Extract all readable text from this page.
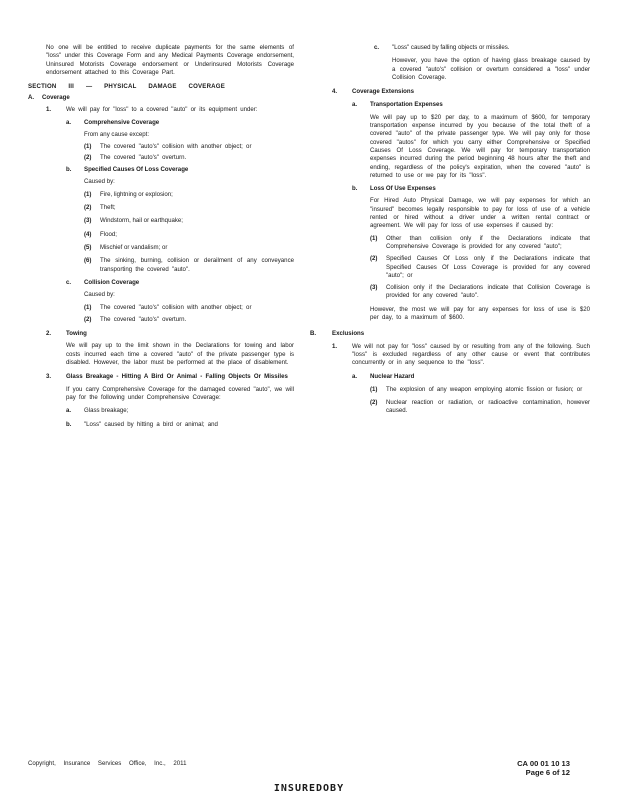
No one will be entitled to receive duplicate payments for the same elements of "loss" under this Coverage Form and any Medical Payments Coverage endorsement, Uninsured Motorists Coverage endorsement or Underinsured Motorists Coverage endorsement attached to this Coverage Part.

SECTION III — PHYSICAL DAMAGE COVERAGE

A.	Coverage
1.	We will pay for "loss" to a covered "auto" or its equipment under:

a.	Comprehensive Coverage

From any cause except:

(1)	The covered "auto's" collision with another object; or

(2)	The covered "auto's" overturn.

b.	Specified Causes Of Loss Coverage

Caused by:

(1)	Fire, lightning or explosion;

(2)	Theft;

(3)	Windstorm, hail or earthquake;

(4)	Flood;

(5)	Mischief or vandalism; or

(6)	The sinking, burning, collision or derailment of any conveyance transporting the covered "auto".

c.	Collision Coverage

Caused by:

(1)	The covered "auto's" collision with another object; or

(2)	The covered "auto's" overturn.

2.	Towing

We will pay up to the limit shown in the Declarations for towing and labor costs incurred each time a covered "auto" of the private passenger type is disabled. However, the labor must be performed at the place of disablement.

3.	Glass Breakage - Hitting A Bird Or Animal - Falling Objects Or Missiles

If you carry Comprehensive Coverage for the damaged covered "auto", we will pay for the following under Comprehensive Coverage:

a.	Glass breakage;

b.	"Loss" caused by hitting a bird or animal; and

c.	"Loss" caused by falling objects or missiles.

However, you have the option of having glass breakage caused by a covered "auto's" collision or overturn considered a "loss" under Collision Coverage.

4.	Coverage Extensions

a.	Transportation Expenses

We will pay up to $20 per day, to a maximum of $600, for temporary transportation expense incurred by you because of the total theft of a covered "auto" of the private passenger type. We will pay only for those covered "autos" for which you carry either Comprehensive or Specified Causes Of Loss Coverage. We will pay for temporary transportation expenses incurred during the period beginning 48 hours after the theft and ending, regardless of the policy's expiration, when the covered "auto" is returned to use or we pay for its "loss".

b.	Loss Of Use Expenses

For Hired Auto Physical Damage, we will pay expenses for which an "insured" becomes legally responsible to pay for loss of use of a vehicle rented or hired without a driver under a written rental contract or agreement. We will pay for loss of use expenses if caused by:

(1)	Other than collision only if the Declarations indicate that Comprehensive Coverage is provided for any covered "auto";

(2)	Specified Causes Of Loss only if the Declarations indicate that Specified Causes Of Loss Coverage is provided for any covered "auto"; or

(3)	Collision only if the Declarations indicate that Collision Coverage is provided for any covered "auto".

However, the most we will pay for any expenses for loss of use is $20 per day, to a maximum of $600.

B.	Exclusions

1.	We will not pay for "loss" caused by or resulting from any of the following. Such "loss" is excluded regardless of any other cause or event that contributes concurrently or in any sequence to the "loss".

a.	Nuclear Hazard

(1)	The explosion of any weapon employing atomic fission or fusion; or

(2)	Nuclear reaction or radiation, or radioactive contamination, however caused.

Copyright, Insurance Services Office, Inc., 2011	CA 00 01 10 13
Page 6 of 12
INSUREDOBY
